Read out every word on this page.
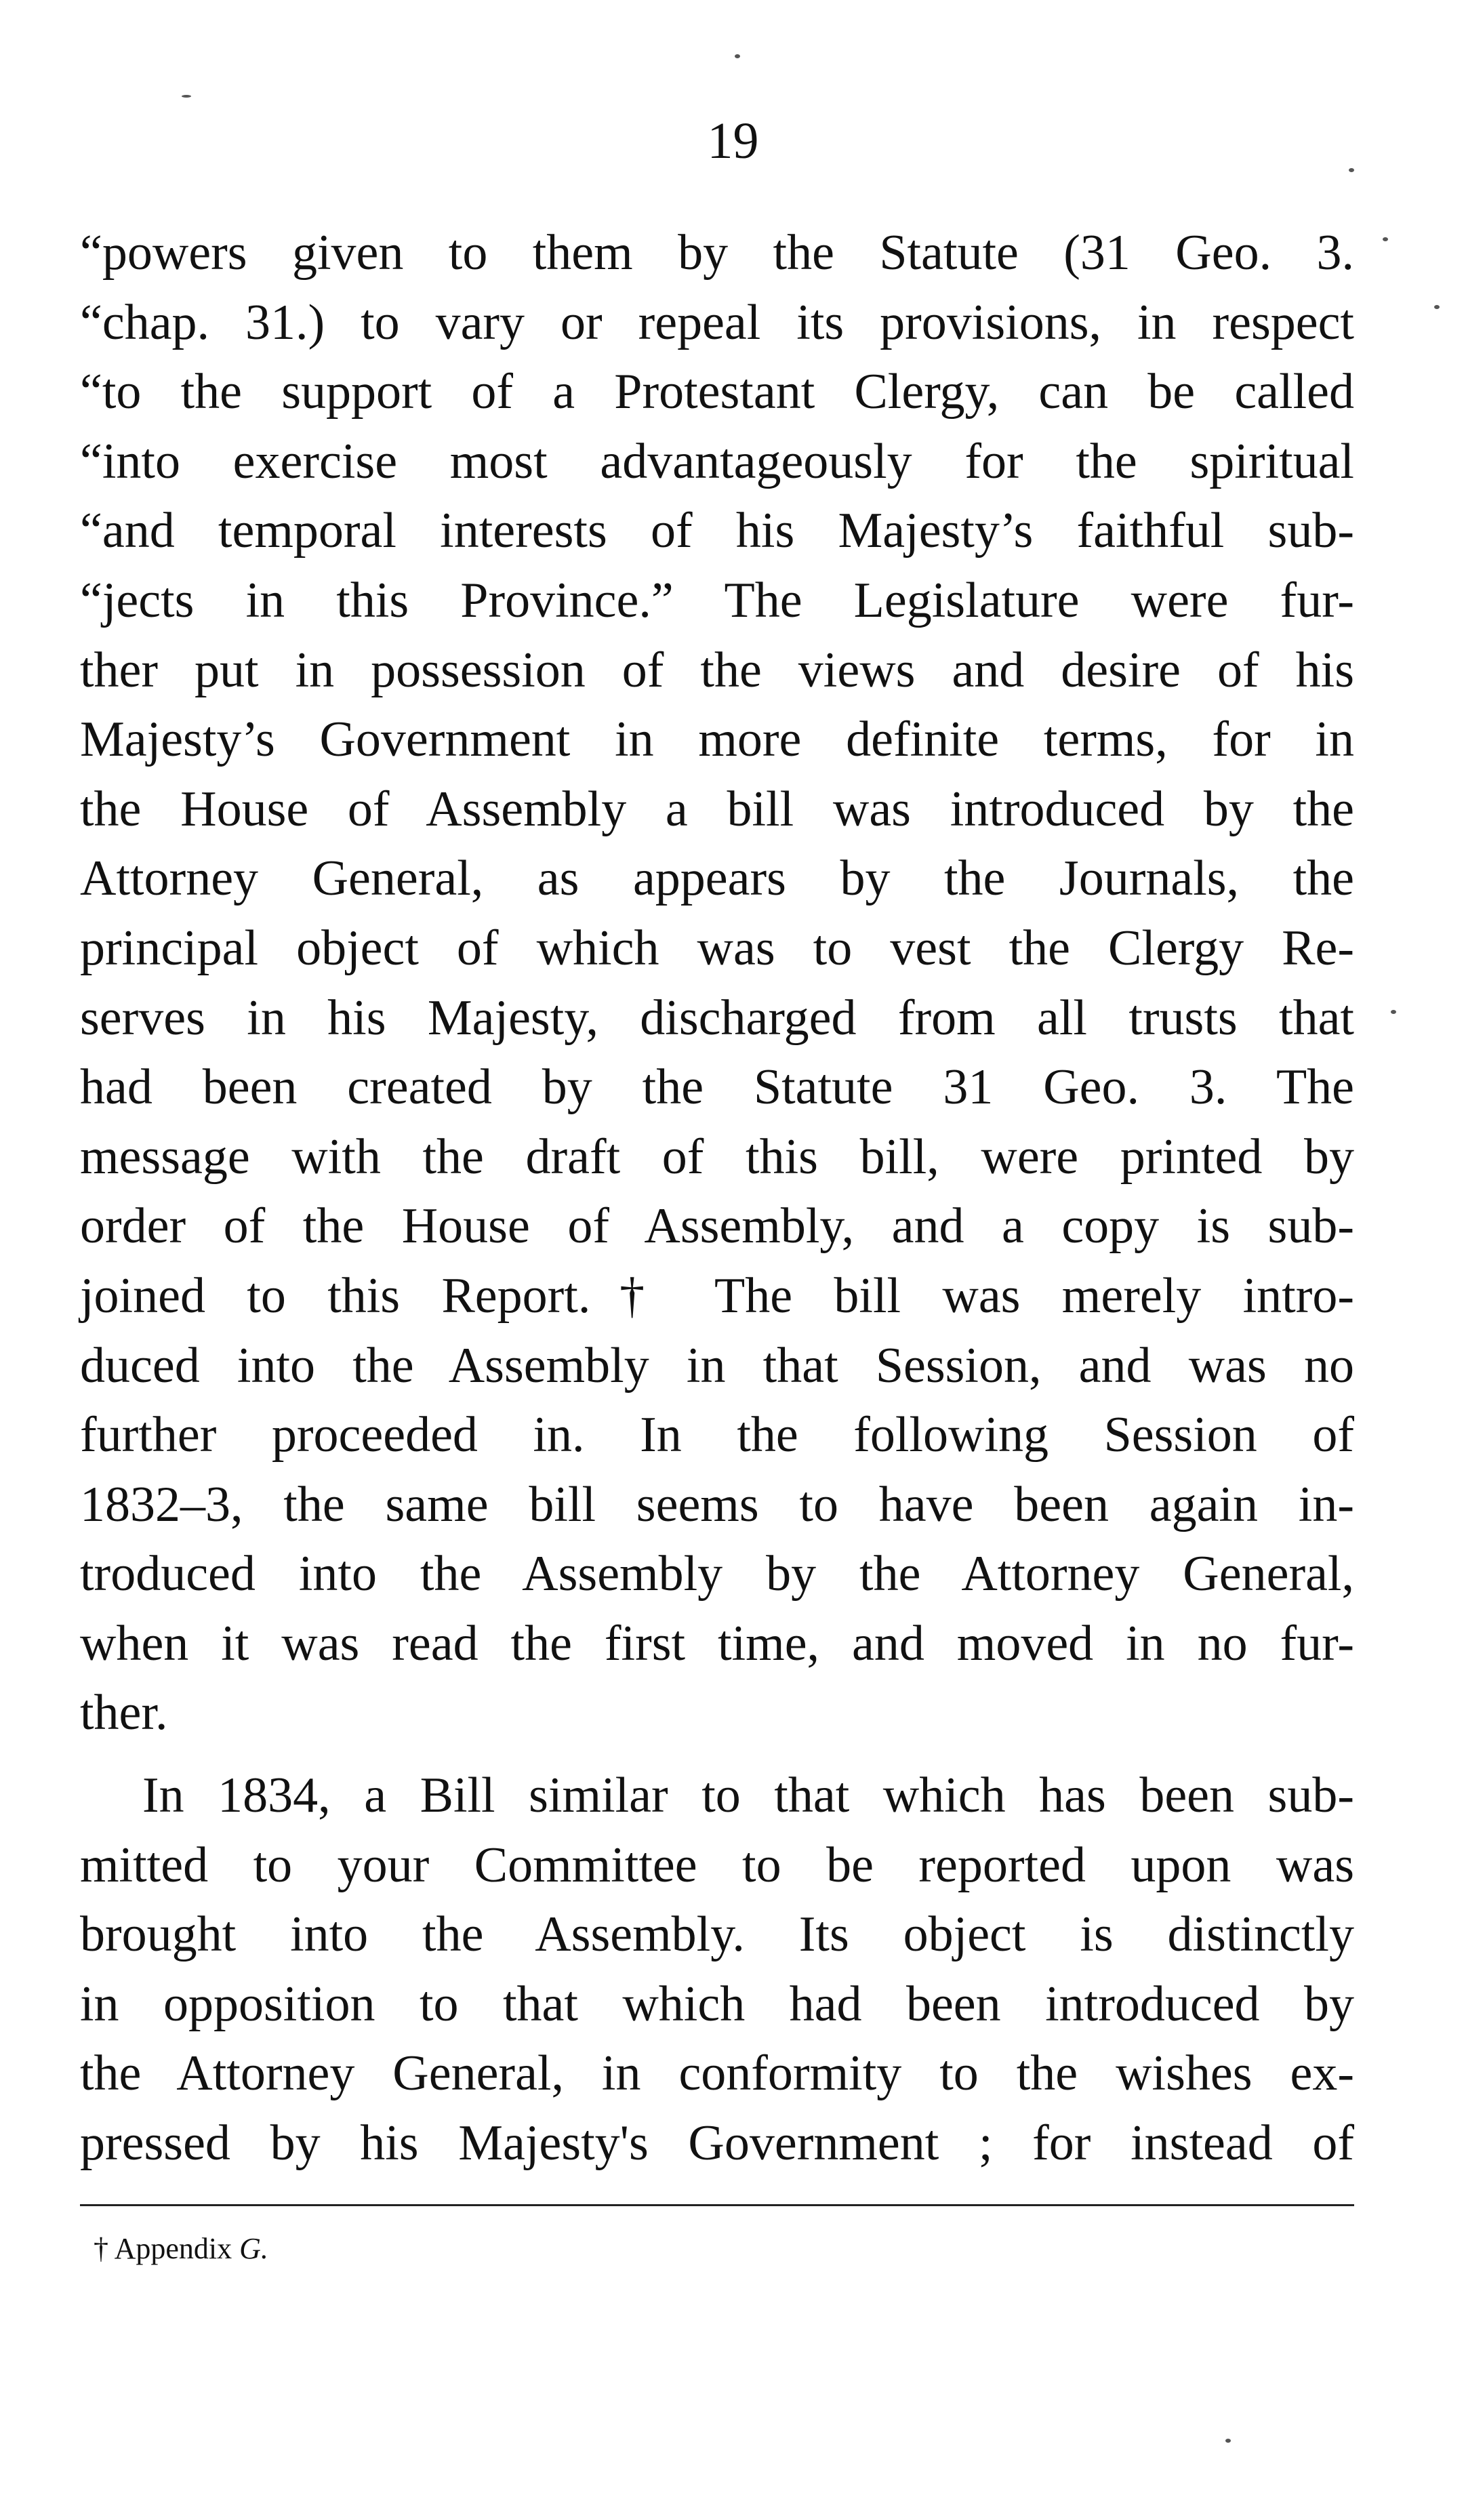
19
“powers given to them by the Statute (31 Geo. 3.
“chap. 31.) to vary or repeal its provisions, in respect
“to the support of a Protestant Clergy, can be called
“into exercise most advantageously for the spiritual
“and temporal interests of his Majesty’s faithful sub-
“jects in this Province.” The Legislature were fur-
ther put in possession of the views and desire of his
Majesty’s Government in more definite terms, for in
the House of Assembly a bill was introduced by the
Attorney General, as appears by the Journals, the
principal object of which was to vest the Clergy Re-
serves in his Majesty, discharged from all trusts that
had been created by the Statute 31 Geo. 3. The
message with the draft of this bill, were printed by
order of the House of Assembly, and a copy is sub-
joined to this Report.† The bill was merely intro-
duced into the Assembly in that Session, and was no
further proceeded in. In the following Session of
1832–3, the same bill seems to have been again in-
troduced into the Assembly by the Attorney General,
when it was read the first time, and moved in no fur-
ther.
In 1834, a Bill similar to that which has been sub-
mitted to your Committee to be reported upon was
brought into the Assembly. Its object is distinctly
in opposition to that which had been introduced by
the Attorney General, in conformity to the wishes ex-
pressed by his Majesty's Government ; for instead of
† Appendix G.
